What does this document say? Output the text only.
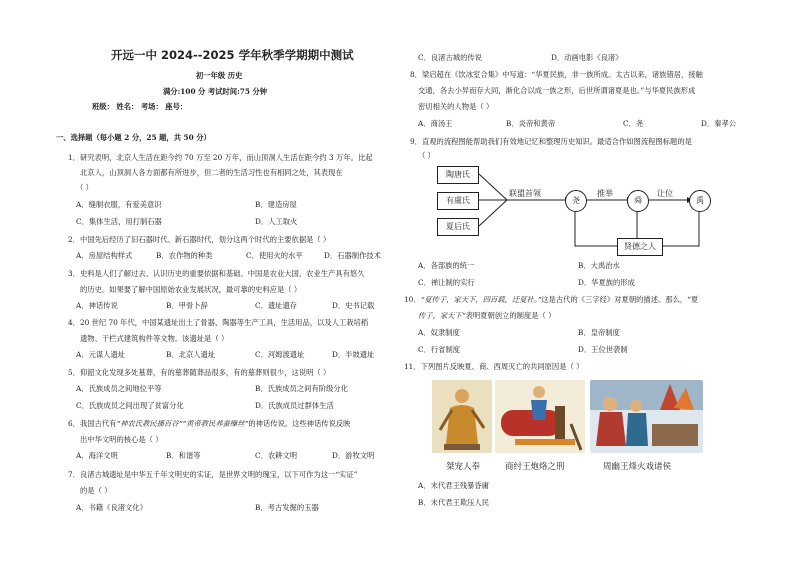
开远一中 2024--2025 学年秋季学期期中测试
初一年级 历史
满分:100 分 考试时间:75 分钟
班级： 姓名： 考场： 座号：
一、选择题（每小题 2 分，25 题，共 50 分）
1．研究表明，北京人生活在距今约 70 万至 20 万年，而山顶洞人生活在距今约 3 万年。比起
北京人，山顶洞人各方面都有所进步，但二者的生活习性也有相同之处，其表现在
（ ）
A．缝制衣服，有爱美意识	B．建造房屋
C．集体生活，用打制石器	D．人工取火
2．中国先后经历了旧石器时代、新石器时代，划分这两个时代的主要依据是（ ）
A．房屋结构样式	B．农作物的种类	C．使用火的水平	D．石器制作技术
3．史料是人们了解过去、认识历史的重要依据和基础。中国是农业大国，农业生产具有悠久
的历史。如果要了解中国原始农业发展状况，最可靠的史料应是（ ）
A．神话传说	B．甲骨卜辞	C．遗址遗存	D．史书记载
4．20 世纪 70 年代，中国某遗址出土了骨器、陶器等生产工具，生活用品，以及人工栽培稻
遗物、干栏式建筑构件等文物。该遗址是（ ）
A．元谋人遗址	B．北京人遗址	C．河姆渡遗址	D．半坡遗址
5．仰韶文化发现多处墓葬，有的墓葬随葬品很多，有的墓葬则很少，这说明（ ）
A．氏族成员之间地位平等	B．氏族成员之间有阶级分化
C．氏族成员之间出现了贫富分化	D．氏族成员过群体生活
6．我国古代有“神农氏教民播百谷”“黄帝教民养蚕缫丝”的神话传说。这些神话传说反映
出中华文明的核心是（ ）
A．海洋文明	B．和谐等	C．农耕文明	D．游牧文明
7．良渚古城遗址是中华五千年文明史的实证，是世界文明的瑰宝，以下可作为这一“实证”
的是（ ）
A．书籍《良渚文化》	B．考古发掘的玉器
C．良渚古城的传说	D．动画电影《良渚》
8．梁启超在《饮冰室合集》中写道：“华夏民族，非一族所成。太古以来，诸族错居，接触
交通，各去小异而存大同，渐化合以成一族之形，后世所谓诸夏是也。”与华夏民族形成
密切相关的人物是（ ）
A．商汤王	B．炎帝和黄帝	C．尧	D．秦孝公
9．直观的流程图能帮助我们有效地记忆和整理历史知识。最适合作如图流程图标题的是
（ ）
A．各部族的统一	B．大禹治水
C．禅让制的实行	D．华夏族的形成
10．“夏传子，家天下，四百载，迁夏社。”这是古代的《三字经》对夏朝的描述。那么，“夏
传子，家天下”表明夏朝创立的制度是（ ）
A．奴隶制度	B．皇帝制度
C．行省制度	D．王位世袭制
11．下列图片反映夏、商、西周灭亡的共同原因是（ ）
A．末代君王残暴昏庸
B．末代君王欺压人民
陶唐氏
有虞氏
夏后氏
联盟首领
尧
推举
舜
让位
禹
贤德之人
桀宠人奉	商纣王炮烙之刑	周幽王烽火戏诸侯
